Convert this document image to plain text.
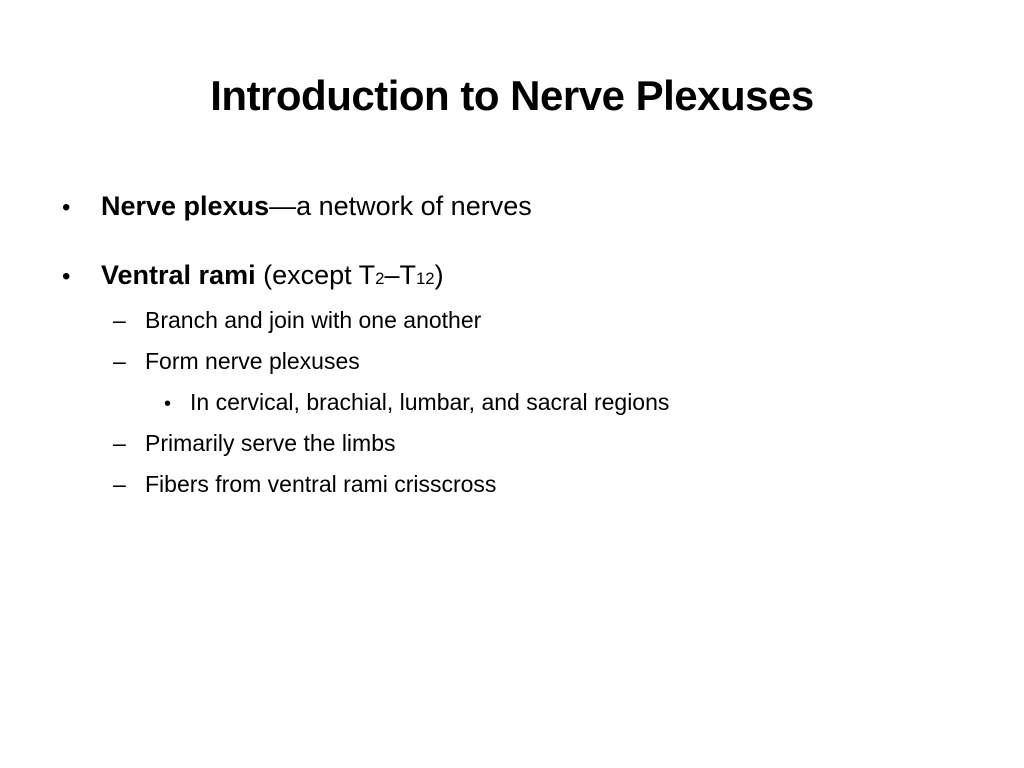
Introduction to Nerve Plexuses
•	Nerve plexus —a network of nerves
•	Ventral rami (except T 2 –T 12 )
– Branch and join with one another
– Form nerve plexuses
• In cervical, brachial, lumbar, and sacral regions
– Primarily serve the limbs
– Fibers from ventral rami crisscross
